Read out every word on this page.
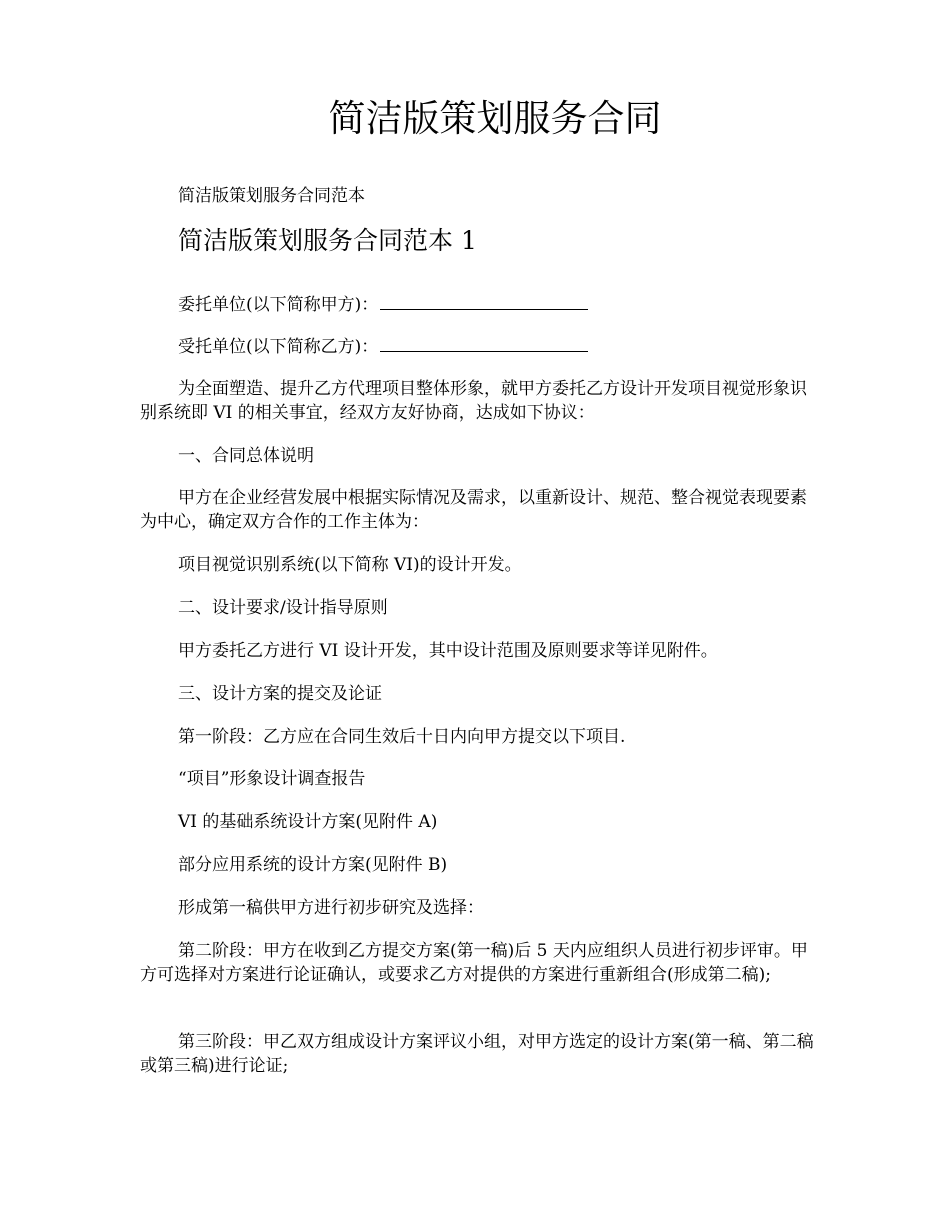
简洁版策划服务合同

简洁版策划服务合同范本

简洁版策划服务合同范本 1

委托单位(以下简称甲方)：

受托单位(以下简称乙方)：

为全面塑造、提升乙方代理项目整体形象，就甲方委托乙方设计开发项目视觉形象识别系统即 VI 的相关事宜，经双方友好协商，达成如下协议：

一、合同总体说明

甲方在企业经营发展中根据实际情况及需求，以重新设计、规范、整合视觉表现要素为中心，确定双方合作的工作主体为：

项目视觉识别系统(以下简称 VI)的设计开发。

二、设计要求/设计指导原则

甲方委托乙方进行 VI 设计开发，其中设计范围及原则要求等详见附件。

三、设计方案的提交及论证

第一阶段：乙方应在合同生效后十日内向甲方提交以下项目.

“项目”形象设计调查报告

VI 的基础系统设计方案(见附件 A)

部分应用系统的设计方案(见附件 B)

形成第一稿供甲方进行初步研究及选择：

第二阶段：甲方在收到乙方提交方案(第一稿)后 5 天内应组织人员进行初步评审。甲方可选择对方案进行论证确认，或要求乙方对提供的方案进行重新组合(形成第二稿);

第三阶段：甲乙双方组成设计方案评议小组，对甲方选定的设计方案(第一稿、第二稿或第三稿)进行论证;
